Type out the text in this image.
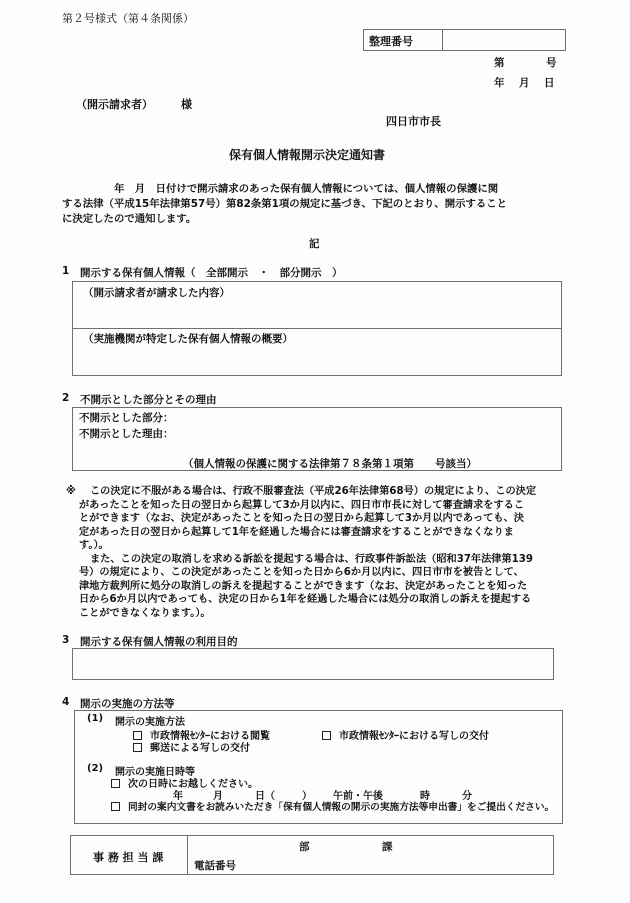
第２号様式（第４条関係）
整理番号
第	号
年 月 日
（開示請求者）	様
四日市市長
保有個人情報開示決定通知書
年　月　日付けで開示請求のあった保有個人情報については、個人情報の保護に関
する法律（平成15年法律第57号）第82条第1項の規定に基づき、下記のとおり、開示すること
に決定したので通知します。
記
1 開示する保有個人情報（　全部開示　・　部分開示　）
（開示請求者が請求した内容）
（実施機関が特定した保有個人情報の概要）
2 不開示とした部分とその理由
不開示とした部分：
不開示とした理由：
（個人情報の保護に関する法律第７８条第１項第　　号該当）
※	この決定に不服がある場合は、行政不服審査法（平成26年法律第68号）の規定により、この決定
があったことを知った日の翌日から起算して3か月以内に、四日市市長に対して審査請求をするこ
とができます（なお、決定があったことを知った日の翌日から起算して3か月以内であっても、決
定があった日の翌日から起算して1年を経過した場合には審査請求をすることができなくなりま
す。）。
また、この決定の取消しを求める訴訟を提起する場合は、行政事件訴訟法（昭和37年法律第139
号）の規定により、この決定があったことを知った日から6か月以内に、四日市市を被告として、
津地方裁判所に処分の取消しの訴えを提起することができます（なお、決定があったことを知った
日から6か月以内であっても、決定の日から1年を経過した場合には処分の取消しの訴えを提起する
ことができなくなります。）。
3 開示する保有個人情報の利用目的
4 開示の実施の方法等
(1) 開示の実施方法
市政情報ｾﾝﾀｰにおける閲覧	市政情報ｾﾝﾀｰにおける写しの交付
郵送による写しの交付
(2) 開示の実施日時等
次の日時にお越しください。
年	月	日（	） 午前・午後	時	分
同封の案内文書をお読みいただき「保有個人情報の開示の実施方法等申出書」をご提出ください。
事 務 担 当 課
部	課
電話番号
